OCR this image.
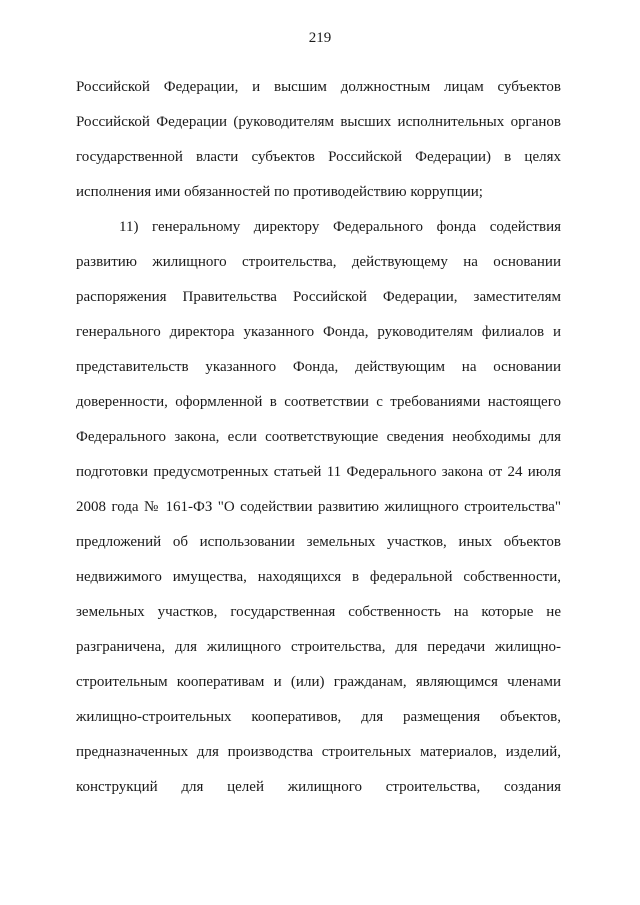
219
Российской Федерации, и высшим должностным лицам субъектов
Российской Федерации (руководителям высших исполнительных органов
государственной власти субъектов Российской Федерации) в целях
исполнения ими обязанностей по противодействию коррупции;
11) генеральному директору Федерального фонда содействия
развитию жилищного строительства, действующему на основании
распоряжения Правительства Российской Федерации, заместителям
генерального директора указанного Фонда, руководителям филиалов и
представительств указанного Фонда, действующим на основании
доверенности, оформленной в соответствии с требованиями настоящего
Федерального закона, если соответствующие сведения необходимы для
подготовки предусмотренных статьей 11 Федерального закона от 24 июля
2008 года № 161-ФЗ "О содействии развитию жилищного строительства"
предложений об использовании земельных участков, иных объектов
недвижимого имущества, находящихся в федеральной собственности,
земельных участков, государственная собственность на которые не
разграничена, для жилищного строительства, для передачи жилищно-
строительным кооперативам и (или) гражданам, являющимся членами
жилищно-строительных кооперативов, для размещения объектов,
предназначенных для производства строительных материалов, изделий,
конструкций для целей жилищного строительства, создания
